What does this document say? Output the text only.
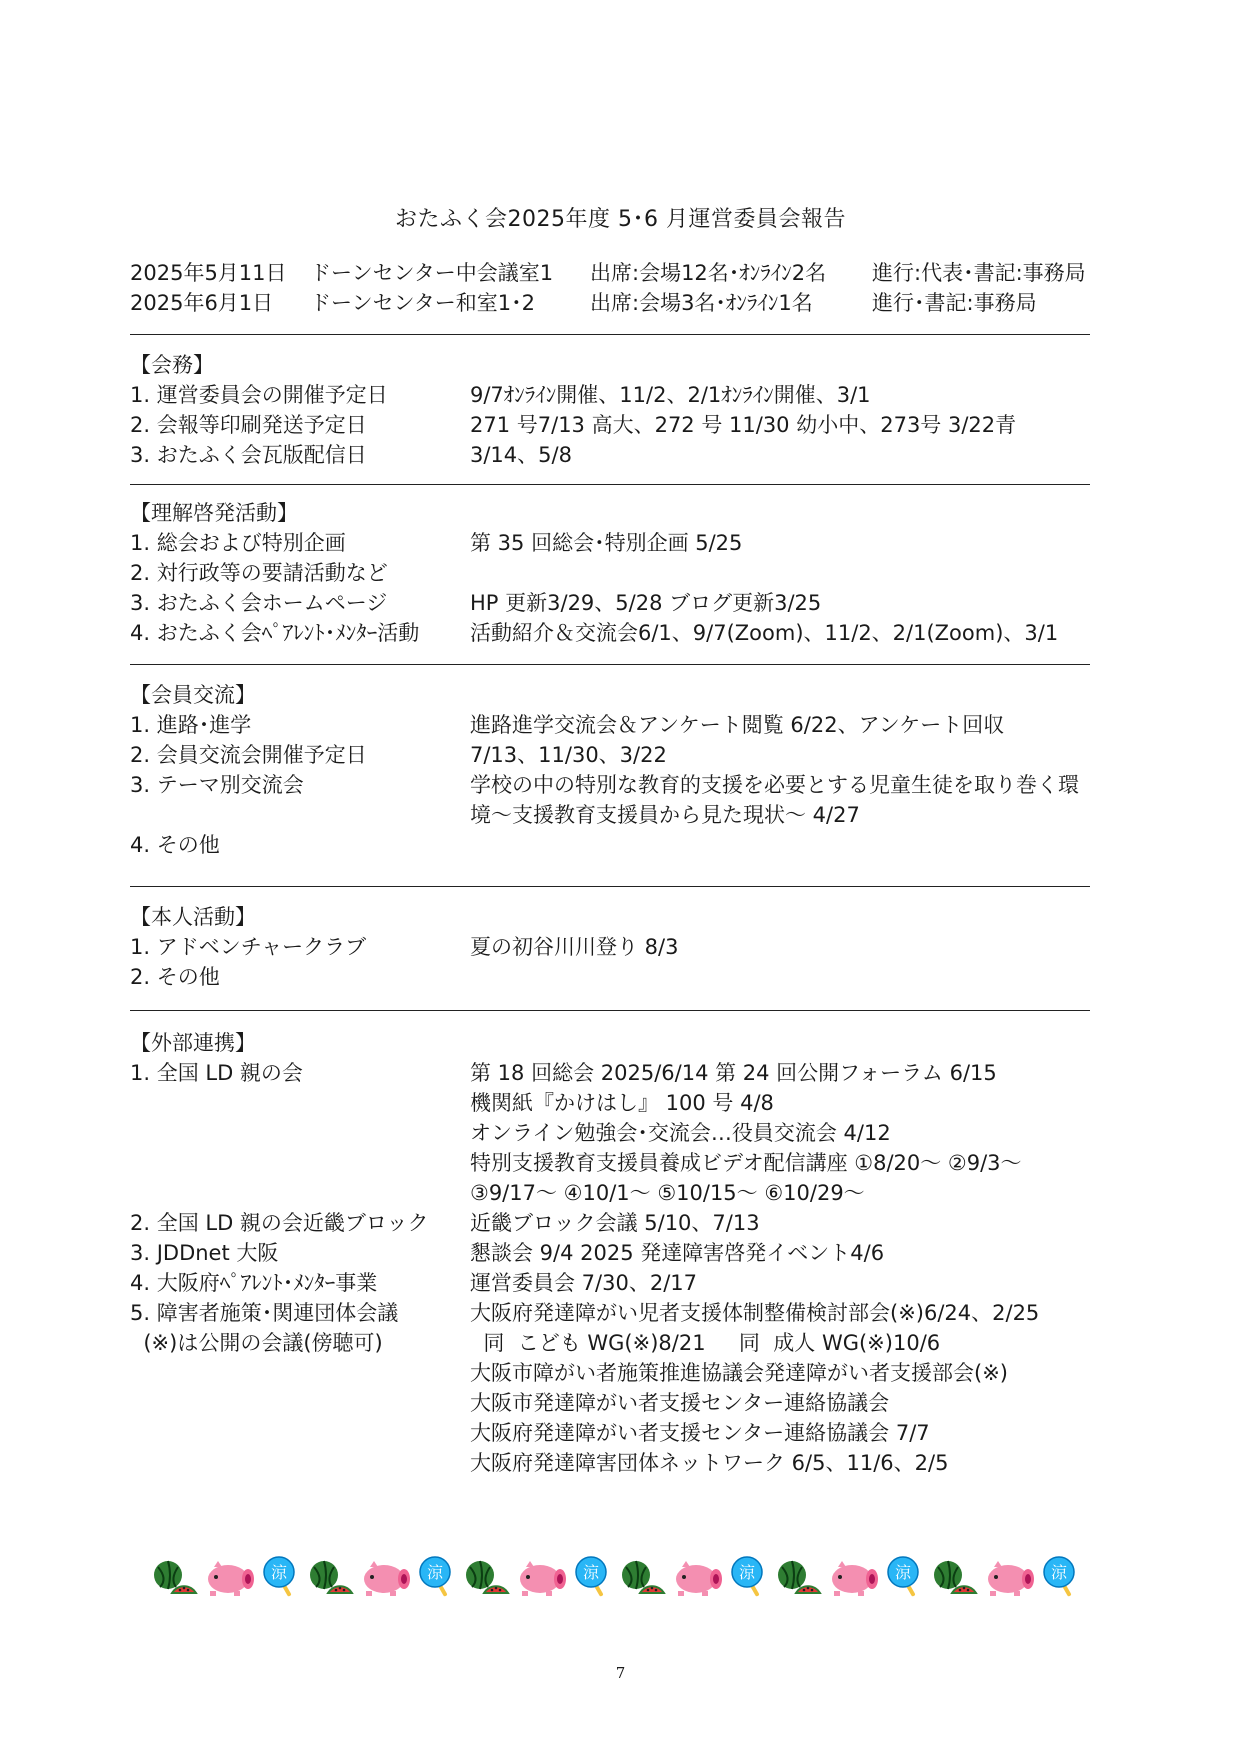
おたふく会2025年度 5･6 月運営委員会報告
2025年5月11日	ドーンセンター中会議室1	出席:会場12名･ｵﾝﾗｲﾝ2名	進行:代表･書記:事務局
2025年6月1日	ドーンセンター和室1･2	出席:会場3名･ｵﾝﾗｲﾝ1名	進行･書記:事務局
【会務】
1. 運営委員会の開催予定日	9/7ｵﾝﾗｲﾝ開催、11/2、2/1ｵﾝﾗｲﾝ開催、3/1
2. 会報等印刷発送予定日	271 号7/13 高大、272 号 11/30 幼小中、273号 3/22青
3. おたふく会瓦版配信日	3/14、5/8
【理解啓発活動】
1. 総会および特別企画	第 35 回総会･特別企画 5/25
2. 対行政等の要請活動など
3. おたふく会ホームページ	HP 更新3/29、5/28 ブログ更新3/25
4. おたふく会ﾍﾟｱﾚﾝﾄ･ﾒﾝﾀｰ活動	活動紹介＆交流会6/1、9/7(Zoom)、11/2、2/1(Zoom)、3/1
【会員交流】
1. 進路･進学	進路進学交流会＆アンケート閲覧 6/22、アンケート回収
2. 会員交流会開催予定日	7/13、11/30、3/22
3. テーマ別交流会	学校の中の特別な教育的支援を必要とする児童生徒を取り巻く環
境～支援教育支援員から見た現状～ 4/27
4. その他
【本人活動】
1. アドベンチャークラブ	夏の初谷川川登り 8/3
2. その他
【外部連携】
1. 全国 LD 親の会	第 18 回総会 2025/6/14 第 24 回公開フォーラム 6/15
機関紙『かけはし』 100 号 4/8
オンライン勉強会･交流会…役員交流会 4/12
特別支援教育支援員養成ビデオ配信講座 ①8/20～ ②9/3～
③9/17～ ④10/1～ ⑤10/15～ ⑥10/29～
2. 全国 LD 親の会近畿ブロック	近畿ブロック会議 5/10、7/13
3. JDDnet 大阪	懇談会 9/4 2025 発達障害啓発イベント4/6
4. 大阪府ﾍﾟｱﾚﾝﾄ･ﾒﾝﾀｰ事業	運営委員会 7/30、2/17
5. 障害者施策･関連団体会議
(※)は公開の会議(傍聴可)
大阪府発達障がい児者支援体制整備検討部会(※)6/24、2/25
同  こども WG(※)8/21     同  成人 WG(※)10/6
大阪市障がい者施策推進協議会発達障がい者支援部会(※)
大阪市発達障がい者支援センター連絡協議会
大阪府発達障がい者支援センター連絡協議会 7/7
大阪府発達障害団体ネットワーク 6/5、11/6、2/5
涼	涼	涼	涼	涼	涼
7
